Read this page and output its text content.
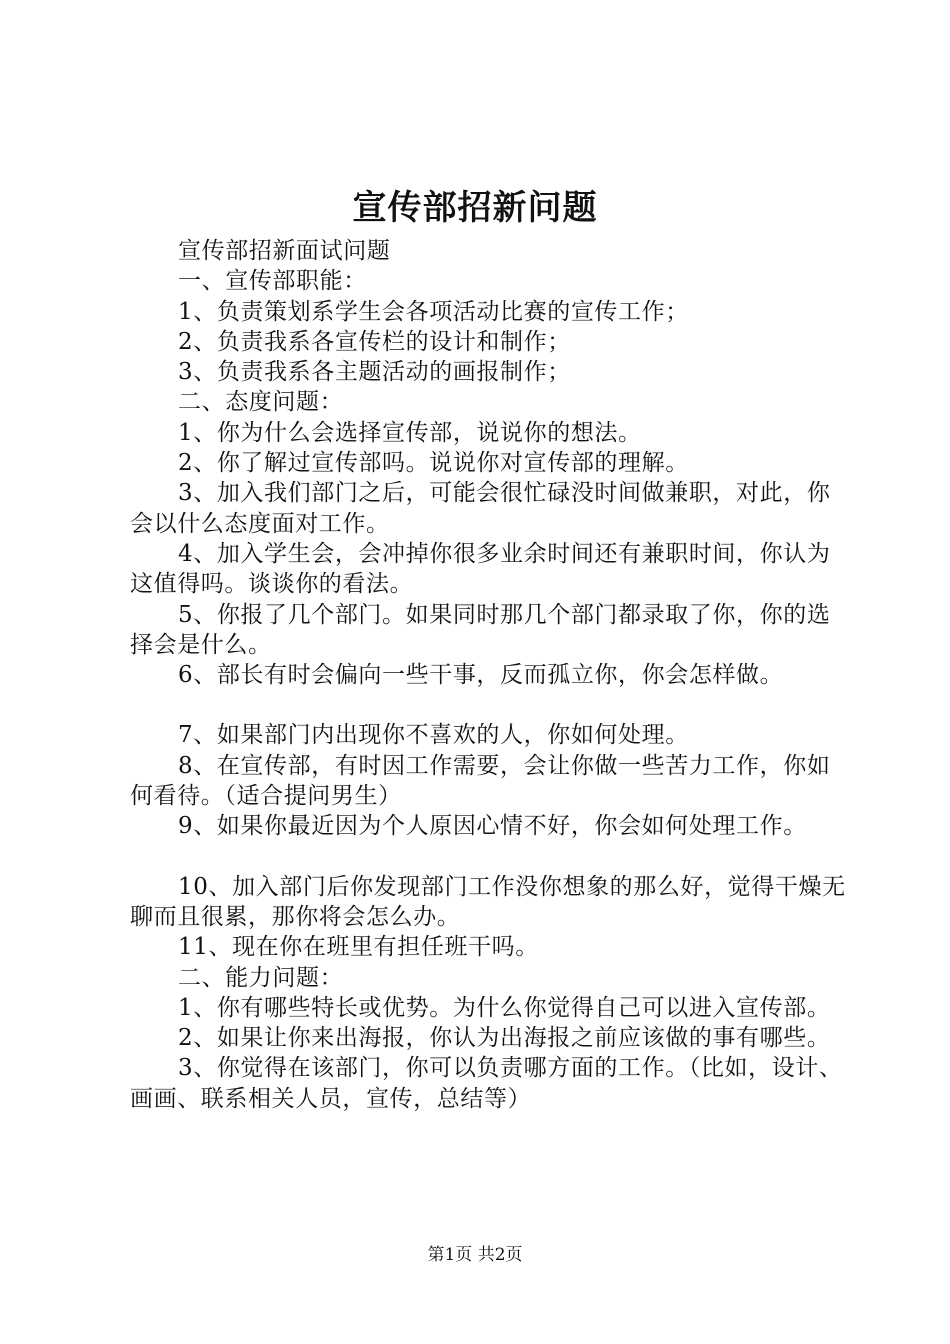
宣传部招新问题

宣传部招新面试问题

一、宣传部职能：

1、负责策划系学生会各项活动比赛的宣传工作；

2、负责我系各宣传栏的设计和制作；

3、负责我系各主题活动的画报制作；

二、态度问题：

1、你为什么会选择宣传部，说说你的想法。

2、你了解过宣传部吗。说说你对宣传部的理解。

3、加入我们部门之后，可能会很忙碌没时间做兼职，对此，你会以什么态度面对工作。

4、加入学生会，会冲掉你很多业余时间还有兼职时间，你认为这值得吗。谈谈你的看法。

5、你报了几个部门。如果同时那几个部门都录取了你，你的选择会是什么。

6、部长有时会偏向一些干事，反而孤立你，你会怎样做。

7、如果部门内出现你不喜欢的人，你如何处理。

8、在宣传部，有时因工作需要，会让你做一些苦力工作，你如何看待。（适合提问男生）

9、如果你最近因为个人原因心情不好，你会如何处理工作。

10、加入部门后你发现部门工作没你想象的那么好，觉得干燥无聊而且很累，那你将会怎么办。

11、现在你在班里有担任班干吗。

二、能力问题：

1、你有哪些特长或优势。为什么你觉得自己可以进入宣传部。

2、如果让你来出海报，你认为出海报之前应该做的事有哪些。

3、你觉得在该部门，你可以负责哪方面的工作。（比如，设计、画画、联系相关人员，宣传，总结等）

第1页 共2页
